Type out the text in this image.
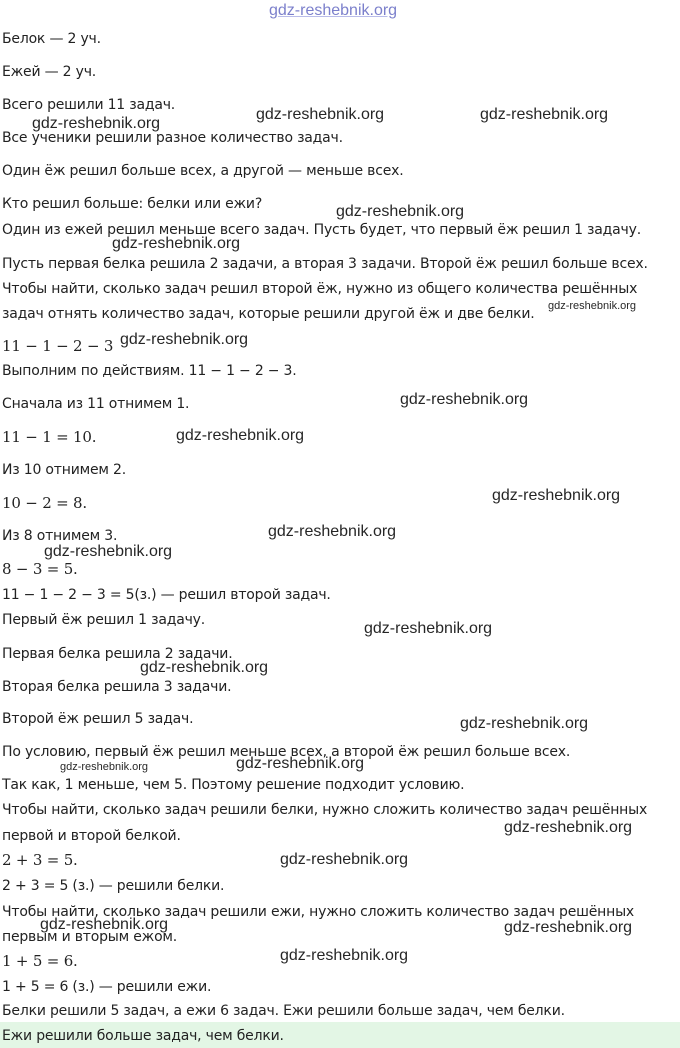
Белок — 2 уч.
Ежей — 2 уч.
Всего решили 11 задач.
Все ученики решили разное количество задач.
Один ёж решил больше всех, а другой — меньше всех.
Кто решил больше: белки или ежи?
Один из ежей решил меньше всего задач. Пусть будет, что первый ёж решил 1 задачу.
Пусть первая белка решила 2 задачи, а вторая 3 задачи. Второй ёж решил больше всех.
Чтобы найти, сколько задач решил второй ёж, нужно из общего количества решённых
задач отнять количество задач, которые решили другой ёж и две белки.
11 − 1 − 2 − 3
Выполним по действиям. 11 − 1 − 2 − 3.
Сначала из 11 отнимем 1.
11 − 1 = 10.
Из 10 отнимем 2.
10 − 2 = 8.
Из 8 отнимем 3.
8 − 3 = 5.
11 − 1 − 2 − 3 = 5(з.) — решил второй задач.
Первый ёж решил 1 задачу.
Первая белка решила 2 задачи.
Вторая белка решила 3 задачи.
Второй ёж решил 5 задач.
По условию, первый ёж решил меньше всех, а второй ёж решил больше всех.
Так как, 1 меньше, чем 5. Поэтому решение подходит условию.
Чтобы найти, сколько задач решили белки, нужно сложить количество задач решённых
первой и второй белкой.
2 + 3 = 5.
2 + 3 = 5 (з.) — решили белки.
Чтобы найти, сколько задач решили ежи, нужно сложить количество задач решённых
первым и вторым ежом.
1 + 5 = 6.
1 + 5 = 6 (з.) — решили ежи.
Белки решили 5 задач, а ежи 6 задач. Ежи решили больше задач, чем белки.
Ежи решили больше задач, чем белки.
gdz-reshebnik.org
gdz-reshebnik.org
gdz-reshebnik.org	gdz-reshebnik.org
gdz-reshebnik.org
gdz-reshebnik.org
gdz-reshebnik.org
gdz-reshebnik.org
gdz-reshebnik.org
gdz-reshebnik.org
gdz-reshebnik.org
gdz-reshebnik.org
gdz-reshebnik.org
gdz-reshebnik.org
gdz-reshebnik.org
gdz-reshebnik.org
gdz-reshebnik.org	gdz-reshebnik.org
gdz-reshebnik.org
gdz-reshebnik.org
gdz-reshebnik.org	gdz-reshebnik.org
gdz-reshebnik.org
